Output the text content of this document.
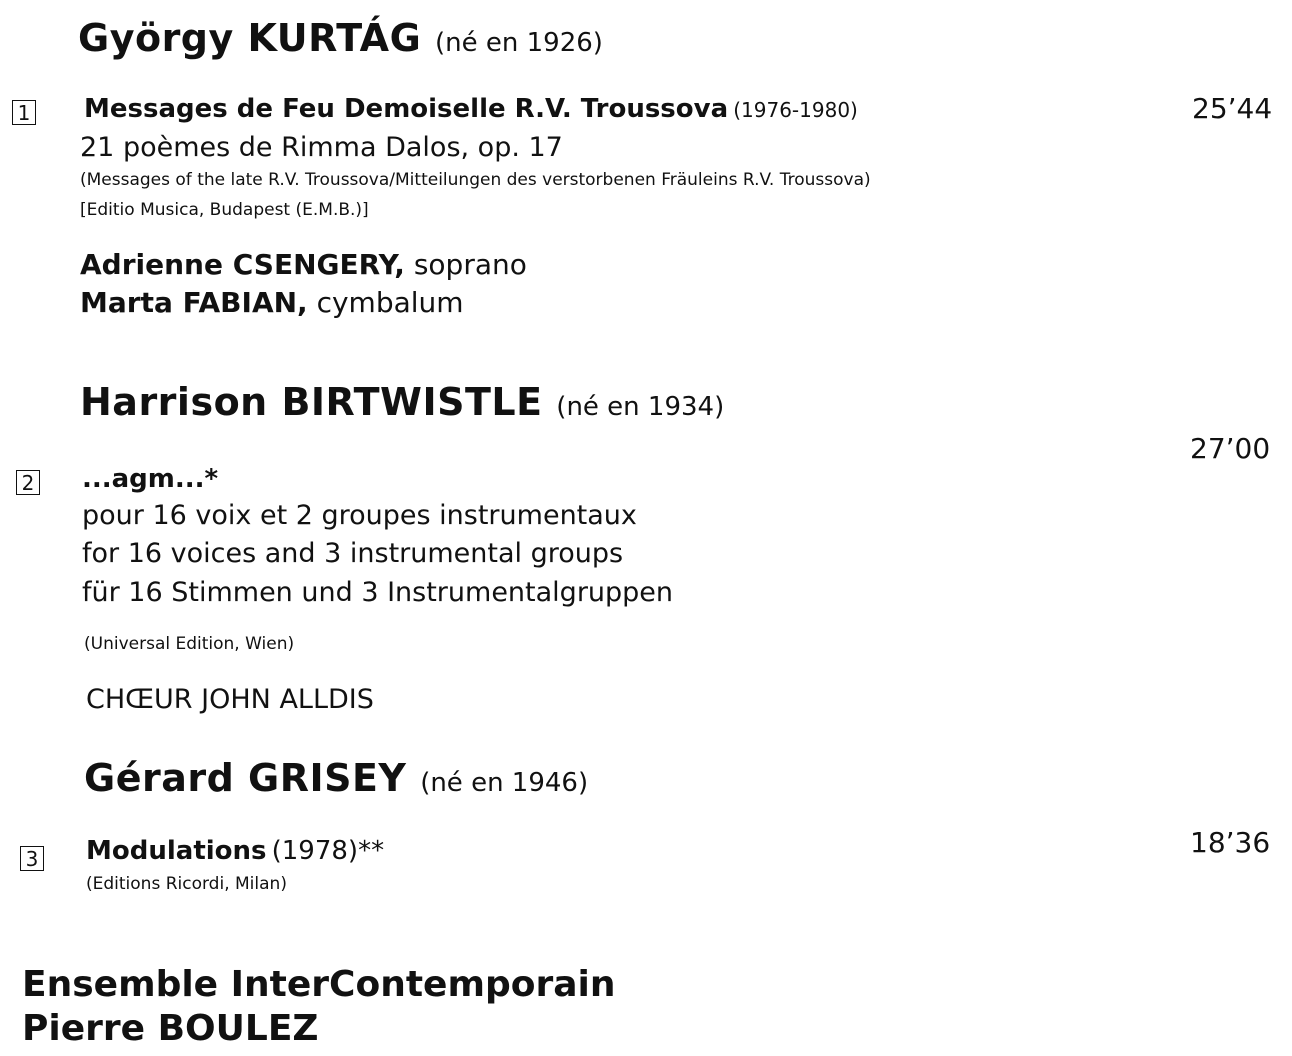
György KURTÁG (né en 1926)
1 Messages de Feu Demoiselle R.V. Troussova (1976-1980)	25’44
21 poèmes de Rimma Dalos, op. 17
(Messages of the late R.V. Troussova/Mitteilungen des verstorbenen Fräuleins R.V. Troussova)
[Editio Musica, Budapest (E.M.B.)]
Adrienne CSENGERY, soprano
Marta FABIAN, cymbalum
Harrison BIRTWISTLE (né en 1934)
27’00
2 ...agm...*
pour 16 voix et 2 groupes instrumentaux
for 16 voices and 3 instrumental groups
für 16 Stimmen und 3 Instrumentalgruppen
(Universal Edition, Wien)
CHŒUR JOHN ALLDIS
Gérard GRISEY (né en 1946)
3 Modulations (1978)**	18’36
(Editions Ricordi, Milan)
Ensemble InterContemporain
Pierre BOULEZ
